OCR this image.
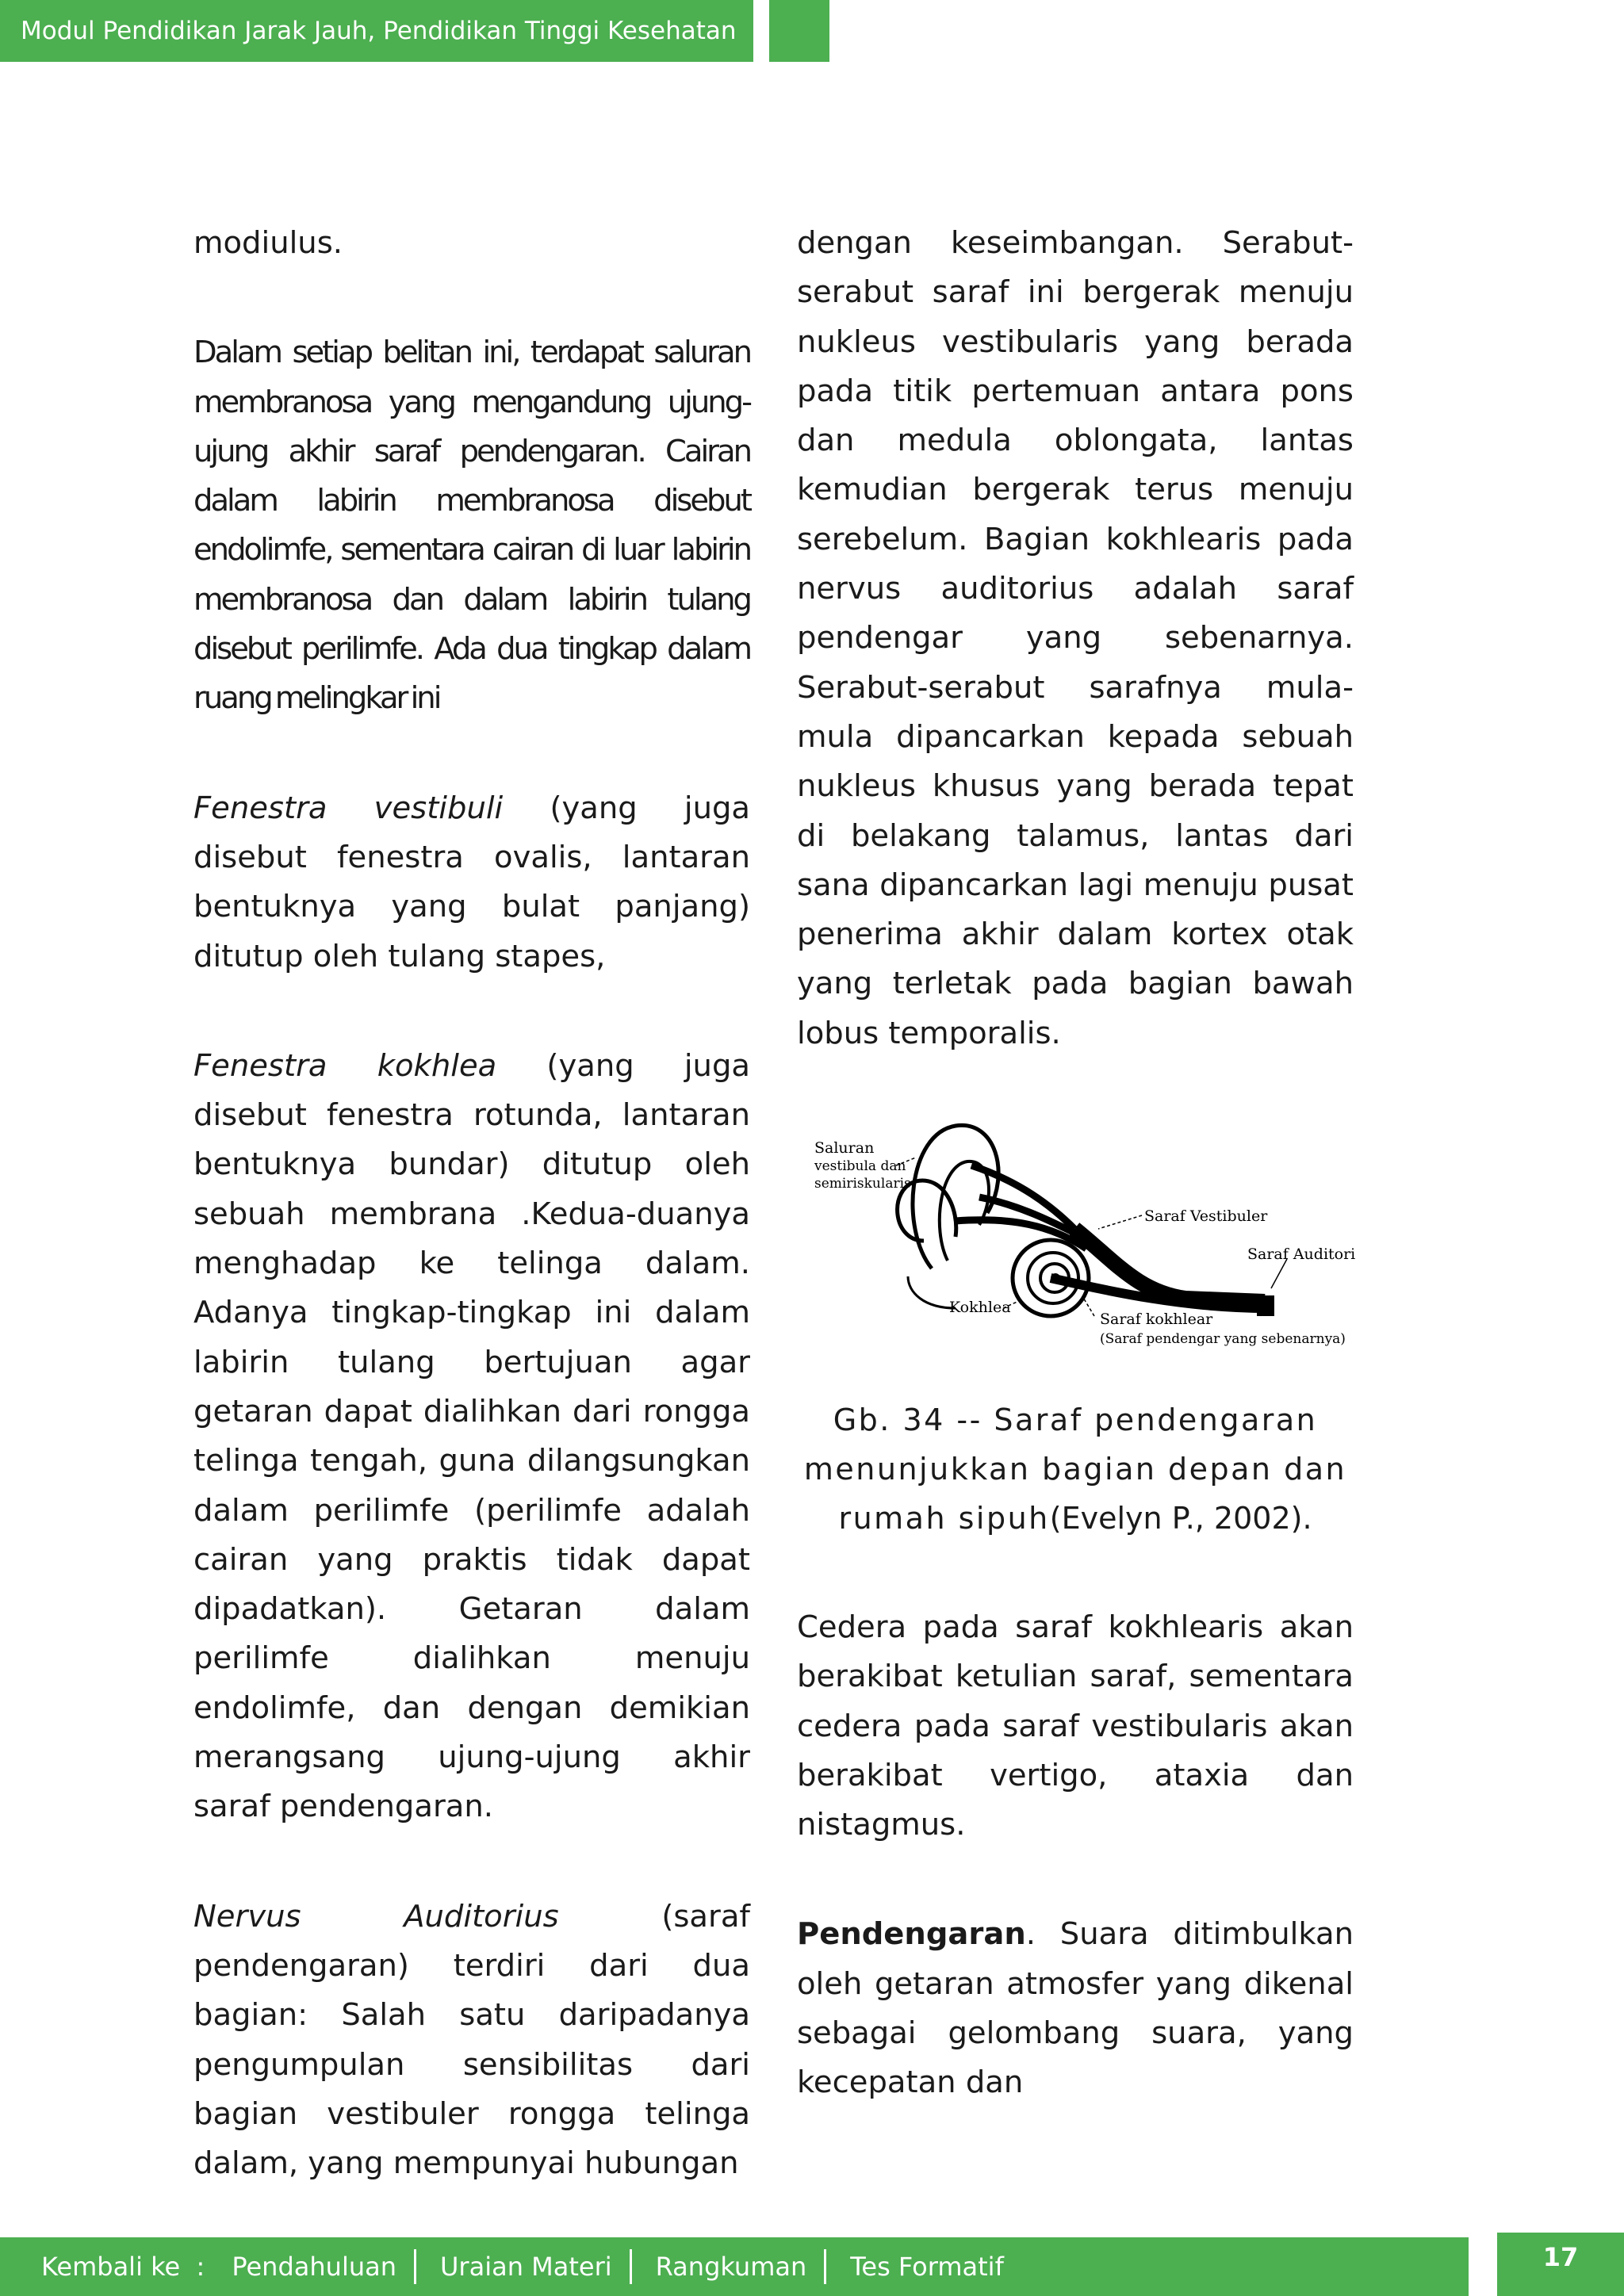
Modul Pendidikan Jarak Jauh, Pendidikan Tinggi Kesehatan

modiulus.

Dalam setiap belitan ini, terdapat saluran membranosa yang mengandung ujung-ujung akhir saraf pendengaran. Cairan dalam labirin membranosa disebut endolimfe, sementara cairan di luar labirin membranosa dan dalam labirin tulang disebut perilimfe. Ada dua tingkap dalam ruang melingkar ini

Fenestra vestibuli (yang juga disebut fenestra ovalis, lantaran bentuknya yang bulat panjang) ditutup oleh tulang stapes,

Fenestra kokhlea (yang juga disebut fenestra rotunda, lantaran bentuknya bundar) ditutup oleh sebuah membrana .Kedua-duanya menghadap ke telinga dalam. Adanya tingkap-tingkap ini dalam labirin tulang bertujuan agar getaran dapat dialihkan dari rongga telinga tengah, guna dilangsungkan dalam perilimfe (perilimfe adalah cairan yang praktis tidak dapat dipadatkan). Getaran dalam perilimfe dialihkan menuju endolimfe, dan dengan demikian merangsang ujung-ujung akhir saraf pendengaran.

Nervus Auditorius (saraf pendengaran) terdiri dari dua bagian: Salah satu daripadanya pengumpulan sensibilitas dari bagian vestibuler rongga telinga dalam, yang mempunyai hubungan

dengan keseimbangan. Serabut-serabut saraf ini bergerak menuju nukleus vestibularis yang berada pada titik pertemuan antara pons dan medula oblongata, lantas kemudian bergerak terus menuju serebelum. Bagian kokhlearis pada nervus auditorius adalah saraf pendengar yang sebenarnya. Serabut-serabut sarafnya mula-mula dipancarkan kepada sebuah nukleus khusus yang berada tepat di belakang talamus, lantas dari sana dipancarkan lagi menuju pusat penerima akhir dalam kortex otak yang terletak pada bagian bawah lobus temporalis.

Saluran
vestibula dan
semiriskularis
Saraf Vestibuler
Saraf Auditori
Kokhlea
Saraf kokhlear
(Saraf pendengar yang sebenarnya)
Gb. 34 -- Saraf pendengaran menunjukkan bagian depan dan rumah sipuh(Evelyn P., 2002).

Cedera pada saraf kokhlearis akan berakibat ketulian saraf, sementara cedera pada saraf vestibularis akan berakibat vertigo, ataxia dan nistagmus.

Pendengaran. Suara ditimbulkan oleh getaran atmosfer yang dikenal sebagai gelombang suara, yang kecepatan dan

Kembali ke  : Pendahuluan Uraian Materi Rangkuman Tes Formatif	17
